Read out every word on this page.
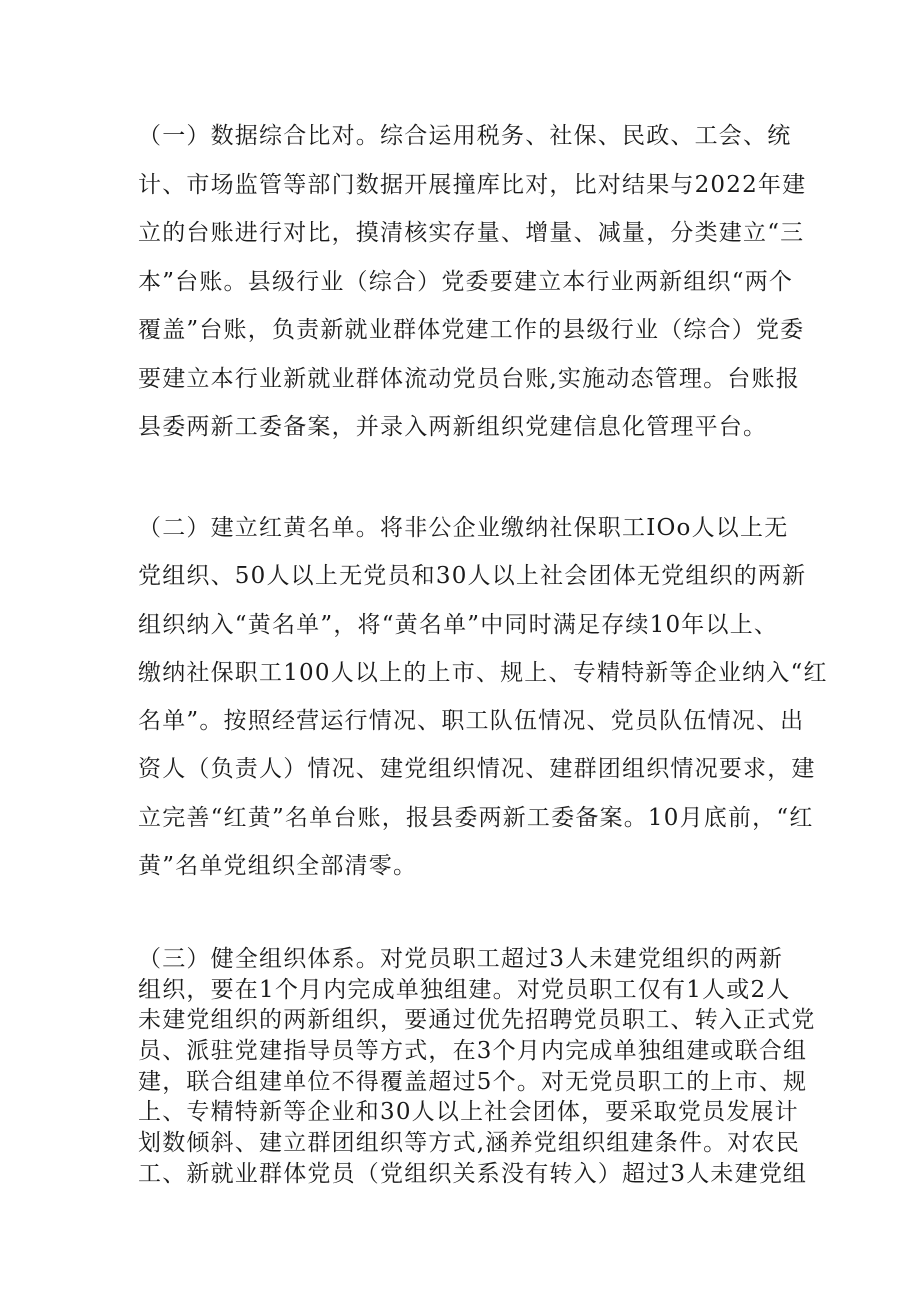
（一）数据综合比对。综合运用税务、社保、民政、工会、统
计、市场监管等部门数据开展撞库比对，比对结果与2022年建
立的台账进行对比，摸清核实存量、增量、减量，分类建立“三
本”台账。县级行业（综合）党委要建立本行业两新组织“两个
覆盖”台账，负责新就业群体党建工作的县级行业（综合）党委
要建立本行业新就业群体流动党员台账,实施动态管理。台账报
县委两新工委备案，并录入两新组织党建信息化管理平台。
（二）建立红黄名单。将非公企业缴纳社保职工IOo人以上无
党组织、50人以上无党员和30人以上社会团体无党组织的两新
组织纳入“黄名单”，将“黄名单”中同时满足存续10年以上、
缴纳社保职工100人以上的上市、规上、专精特新等企业纳入“红
名单”。按照经营运行情况、职工队伍情况、党员队伍情况、出
资人（负责人）情况、建党组织情况、建群团组织情况要求，建
立完善“红黄”名单台账，报县委两新工委备案。10月底前，“红
黄”名单党组织全部清零。
（三）健全组织体系。对党员职工超过3人未建党组织的两新
组织，要在1个月内完成单独组建。对党员职工仅有1人或2人
未建党组织的两新组织，要通过优先招聘党员职工、转入正式党
员、派驻党建指导员等方式，在3个月内完成单独组建或联合组
建，联合组建单位不得覆盖超过5个。对无党员职工的上市、规
上、专精特新等企业和30人以上社会团体，要采取党员发展计
划数倾斜、建立群团组织等方式,涵养党组织组建条件。对农民
工、新就业群体党员（党组织关系没有转入）超过3人未建党组
